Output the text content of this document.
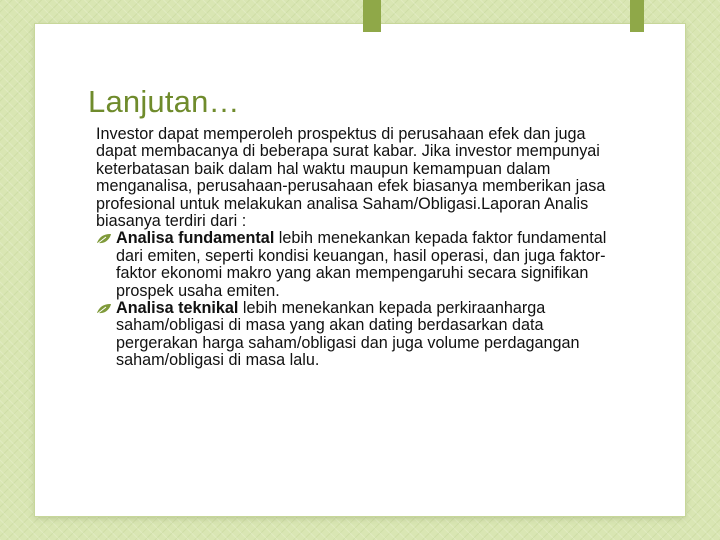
Lanjutan…

Investor dapat memperoleh prospektus di perusahaan efek dan juga dapat membacanya di beberapa surat kabar. Jika investor mempunyai keterbatasan baik dalam hal waktu maupun kemampuan dalam menganalisa, perusahaan-perusahaan efek biasanya memberikan jasa profesional untuk melakukan analisa Saham/Obligasi.Laporan Analis biasanya terdiri dari :

Analisa fundamental lebih menekankan kepada faktor fundamental dari emiten, seperti kondisi keuangan, hasil operasi, dan juga faktor-faktor ekonomi makro yang akan mempengaruhi secara signifikan prospek usaha emiten.

Analisa teknikal lebih menekankan kepada perkiraanharga saham/obligasi di masa yang akan dating berdasarkan data pergerakan harga saham/obligasi dan juga volume perdagangan saham/obligasi di masa lalu.
